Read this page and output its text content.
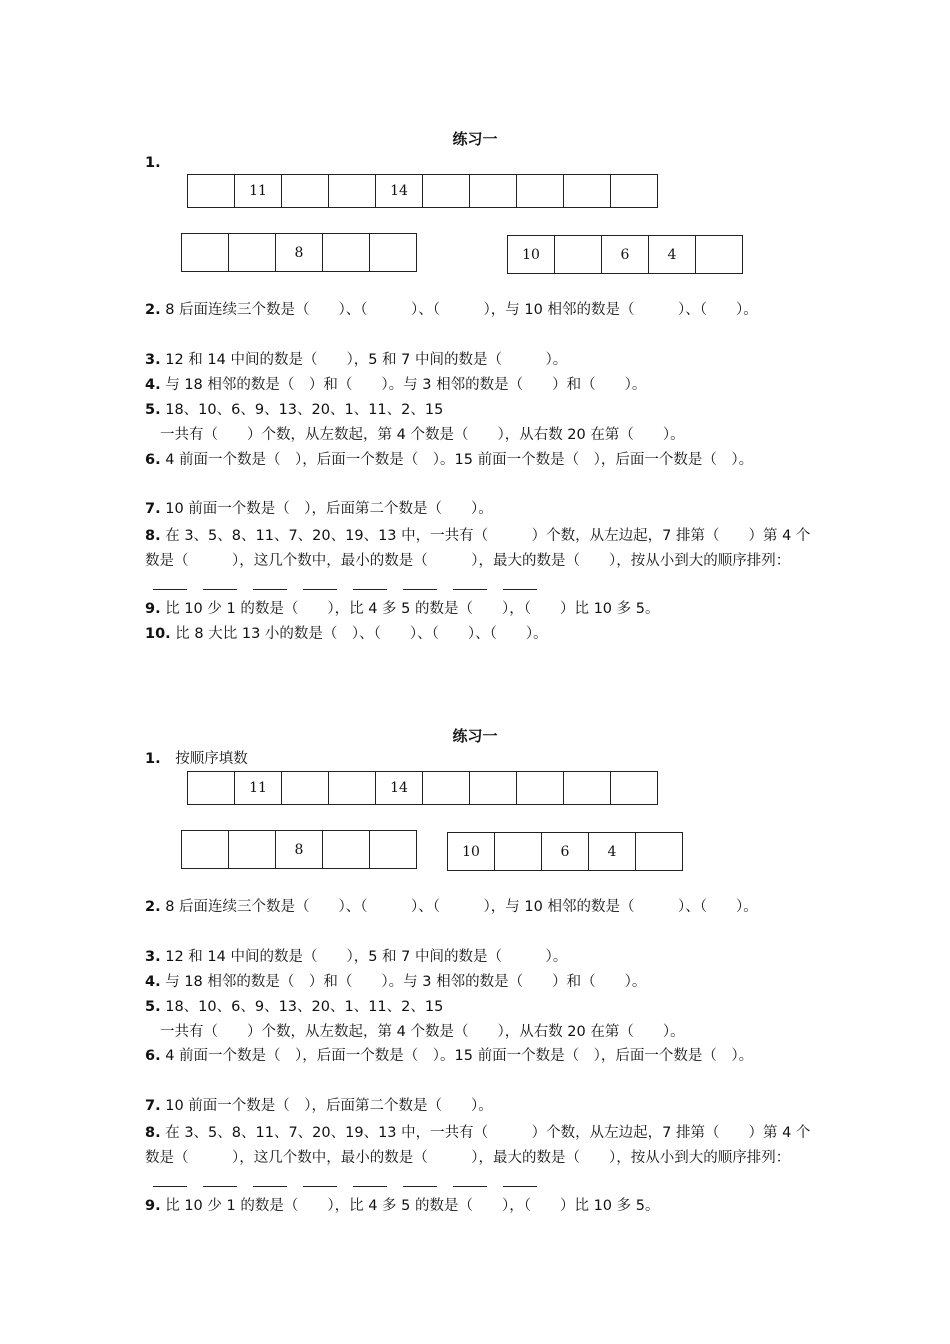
练习一
1.
11	14
8	10	6	4
2. 8 后面连续三个数是（　　）、（　　　）、（　　　），与 10 相邻的数是（　　　）、（　　）。
3. 12 和 14 中间的数是（　　），5 和 7 中间的数是（　　　）。
4. 与 18 相邻的数是（　）和（　　）。与 3 相邻的数是（　　）和（　　）。
5. 18、10、6、9、13、20、1、11、2、15
一共有（　　）个数，从左数起，第 4 个数是（　　），从右数 20 在第（　　）。
6. 4 前面一个数是（　），后面一个数是（　）。15 前面一个数是（　），后面一个数是（　）。
7. 10 前面一个数是（　），后面第二个数是（　　）。
8. 在 3、5、8、11、7、20、19、13 中，一共有（　　　）个数，从左边起，7 排第（　　）第 4 个数是（　　　），这几个数中，最小的数是（　　　），最大的数是（　　），按从小到大的顺序排列：
9. 比 10 少 1 的数是（　　），比 4 多 5 的数是（　　），（　　）比 10 多 5。
10. 比 8 大比 13 小的数是（　）、（　　）、（　　）、（　　）。
练习一
1. 按顺序填数
11	14
8	10	6	4
2. 8 后面连续三个数是（　　）、（　　　）、（　　　），与 10 相邻的数是（　　　）、（　　）。
3. 12 和 14 中间的数是（　　），5 和 7 中间的数是（　　　）。
4. 与 18 相邻的数是（　）和（　　）。与 3 相邻的数是（　　）和（　　）。
5. 18、10、6、9、13、20、1、11、2、15
一共有（　　）个数，从左数起，第 4 个数是（　　），从右数 20 在第（　　）。
6. 4 前面一个数是（　），后面一个数是（　）。15 前面一个数是（　），后面一个数是（　）。
7. 10 前面一个数是（　），后面第二个数是（　　）。
8. 在 3、5、8、11、7、20、19、13 中，一共有（　　　）个数，从左边起，7 排第（　　）第 4 个数是（　　　），这几个数中，最小的数是（　　　），最大的数是（　　），按从小到大的顺序排列：
9. 比 10 少 1 的数是（　　），比 4 多 5 的数是（　　），（　　）比 10 多 5。
